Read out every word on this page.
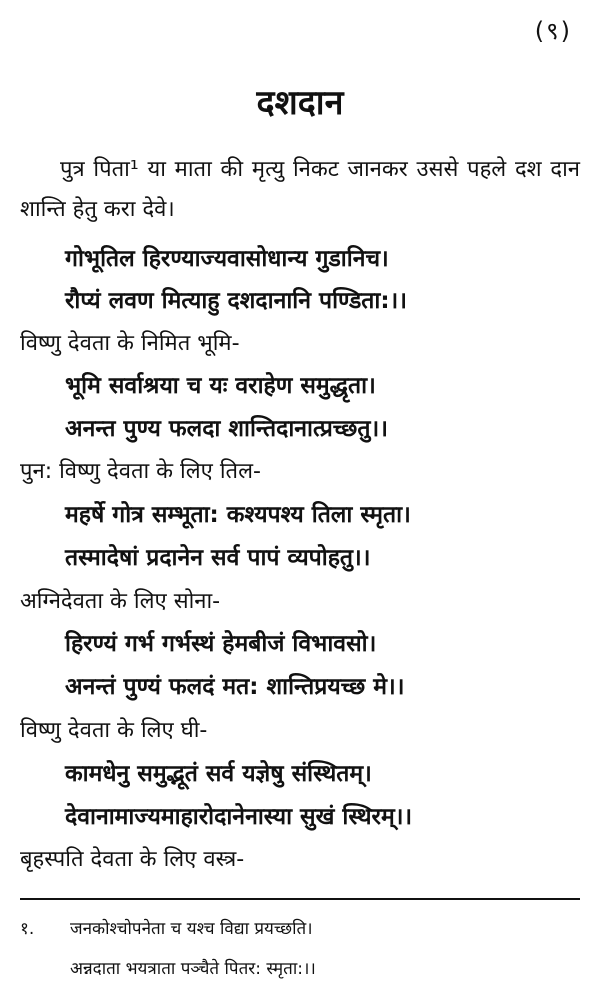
(९)
दशदान
पुत्र पिता¹ या माता की मृत्यु निकट जानकर उससे पहले दश दान शान्ति हेतु करा देवे।
गोभूतिल हिरण्याज्यवासोधान्य गुडानिच।
रौप्यं लवण मित्याहु दशदानानि पण्डिता:।।
विष्णु देवता के निमित भूमि-
भूमि सर्वाश्रया च यः वराहेण समुद्धृता।
अनन्त पुण्य फलदा शान्तिदानात्प्रच्छतु।।
पुन: विष्णु देवता के लिए तिल-
महर्षे गोत्र सम्भूता: कश्यपश्य तिला स्मृता।
तस्मादेषां प्रदानेन सर्व पापं व्यपोहतु।।
अग्निदेवता के लिए सोना-
हिरण्यं गर्भ गर्भस्थं हेमबीजं विभावसो।
अनन्तं पुण्यं फलदं मत: शान्तिप्रयच्छ मे।।
विष्णु देवता के लिए घी-
कामधेनु समुद्भूतं सर्व यज्ञेषु संस्थितम्।
देवानामाज्यमाहारोदानेनास्या सुखं स्थिरम्।।
बृहस्पति देवता के लिए वस्त्र-
१. जनकोश्चोपनेता च यश्च विद्या प्रयच्छति।
अन्नदाता भयत्राता पञ्चैते पितर: स्मृता:।।
